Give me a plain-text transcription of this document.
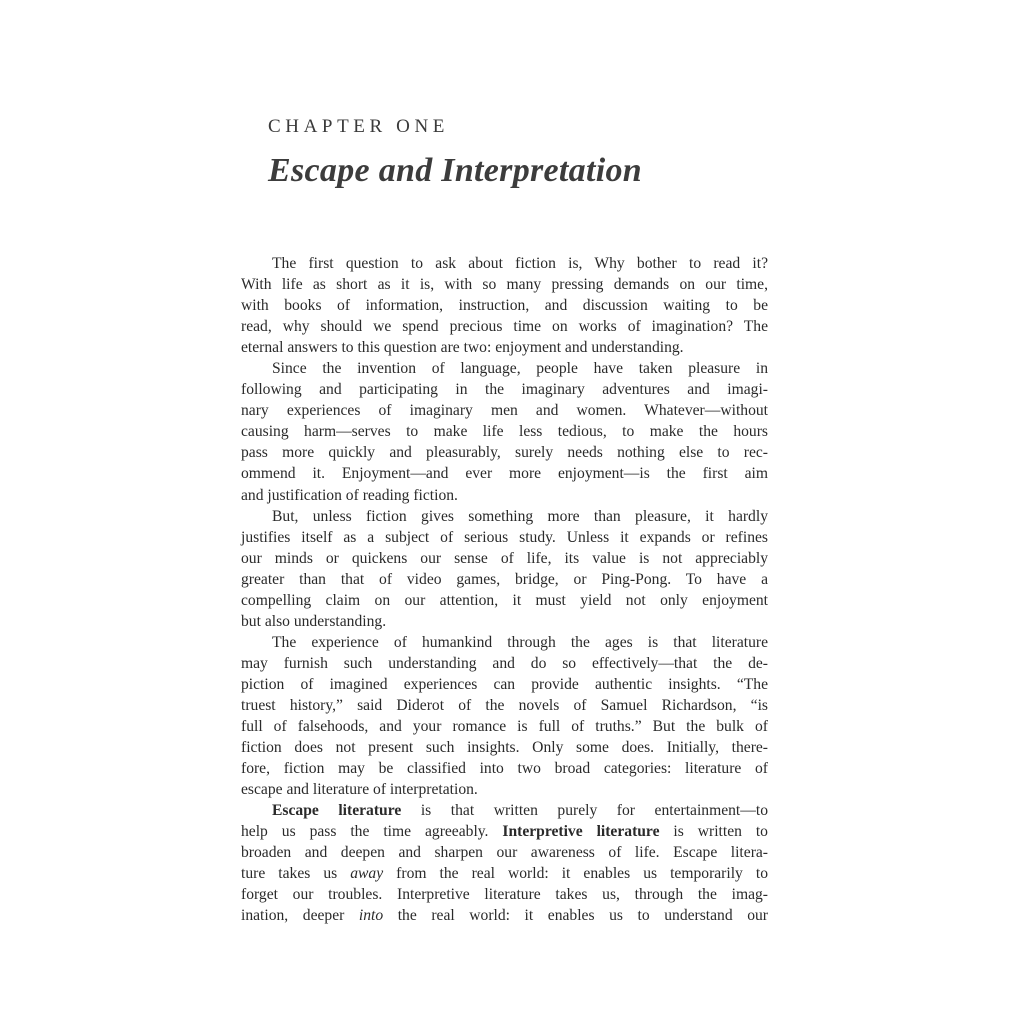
CHAPTER ONE
Escape and Interpretation
The first question to ask about fiction is, Why bother to read it?
With life as short as it is, with so many pressing demands on our time,
with books of information, instruction, and discussion waiting to be
read, why should we spend precious time on works of imagination? The
eternal answers to this question are two: enjoyment and understanding.
Since the invention of language, people have taken pleasure in
following and participating in the imaginary adventures and imagi-
nary experiences of imaginary men and women. Whatever—without
causing harm—serves to make life less tedious, to make the hours
pass more quickly and pleasurably, surely needs nothing else to rec-
ommend it. Enjoyment—and ever more enjoyment—is the first aim
and justification of reading fiction.
But, unless fiction gives something more than pleasure, it hardly
justifies itself as a subject of serious study. Unless it expands or refines
our minds or quickens our sense of life, its value is not appreciably
greater than that of video games, bridge, or Ping-Pong. To have a
compelling claim on our attention, it must yield not only enjoyment
but also understanding.
The experience of humankind through the ages is that literature
may furnish such understanding and do so effectively—that the de-
piction of imagined experiences can provide authentic insights. “The
truest history,” said Diderot of the novels of Samuel Richardson, “is
full of falsehoods, and your romance is full of truths.” But the bulk of
fiction does not present such insights. Only some does. Initially, there-
fore, fiction may be classified into two broad categories: literature of
escape and literature of interpretation.
Escape literature is that written purely for entertainment—to
help us pass the time agreeably. Interpretive literature is written to
broaden and deepen and sharpen our awareness of life. Escape litera-
ture takes us away from the real world: it enables us temporarily to
forget our troubles. Interpretive literature takes us, through the imag-
ination, deeper into the real world: it enables us to understand our
